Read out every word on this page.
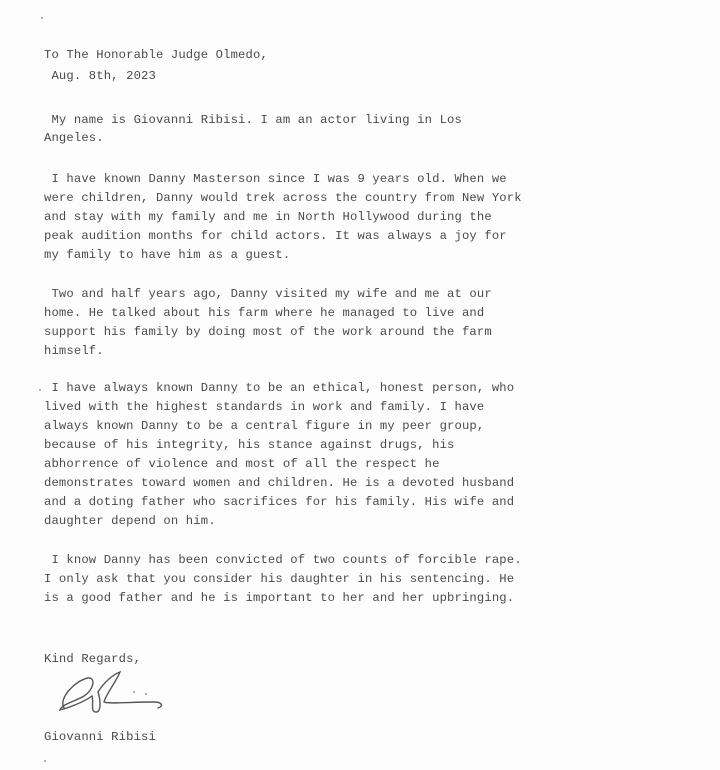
To The Honorable Judge Olmedo,
Aug. 8th, 2023
My name is Giovanni Ribisi. I am an actor living in Los
Angeles.
I have known Danny Masterson since I was 9 years old. When we
were children, Danny would trek across the country from New York
and stay with my family and me in North Hollywood during the
peak audition months for child actors. It was always a joy for
my family to have him as a guest.
Two and half years ago, Danny visited my wife and me at our
home. He talked about his farm where he managed to live and
support his family by doing most of the work around the farm
himself.
I have always known Danny to be an ethical, honest person, who
lived with the highest standards in work and family. I have
always known Danny to be a central figure in my peer group,
because of his integrity, his stance against drugs, his
abhorrence of violence and most of all the respect he
demonstrates toward women and children. He is a devoted husband
and a doting father who sacrifices for his family. His wife and
daughter depend on him.
I know Danny has been convicted of two counts of forcible rape.
I only ask that you consider his daughter in his sentencing. He
is a good father and he is important to her and her upbringing.
Kind Regards,
Giovanni Ribisi
